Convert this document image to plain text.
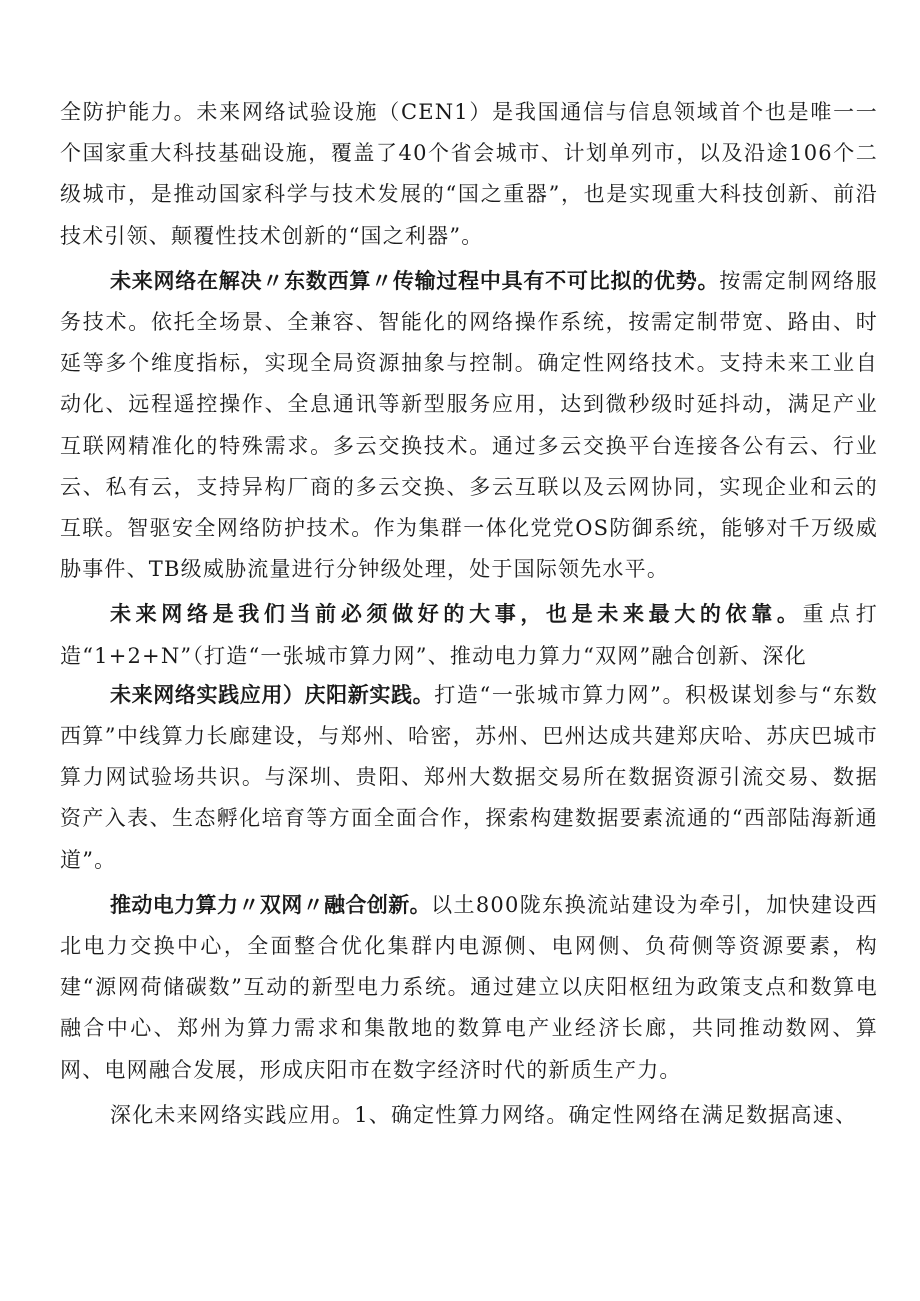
全防护能力。未来网络试验设施（CEN1）是我国通信与信息领域首个也是唯一一个国家重大科技基础设施，覆盖了40个省会城市、计划单列市，以及沿途106个二级城市，是推动国家科学与技术发展的“国之重器”，也是实现重大科技创新、前沿技术引领、颠覆性技术创新的“国之利器”。

未来网络在解决〃东数西算〃传输过程中具有不可比拟的优势。按需定制网络服务技术。依托全场景、全兼容、智能化的网络操作系统，按需定制带宽、路由、时延等多个维度指标，实现全局资源抽象与控制。确定性网络技术。支持未来工业自动化、远程遥控操作、全息通讯等新型服务应用，达到微秒级时延抖动，满足产业互联网精准化的特殊需求。多云交换技术。通过多云交换平台连接各公有云、行业云、私有云，支持异构厂商的多云交换、多云互联以及云网协同，实现企业和云的互联。智驱安全网络防护技术。作为集群一体化党党OS防御系统，能够对千万级威胁事件、TB级威胁流量进行分钟级处理，处于国际领先水平。

未来网络是我们当前必须做好的大事，也是未来最大的依靠。重点打造“1+2+N”（打造“一张城市算力网”、推动电力算力“双网”融合创新、深化

未来网络实践应用）庆阳新实践。打造“一张城市算力网”。积极谋划参与“东数西算”中线算力长廊建设，与郑州、哈密，苏州、巴州达成共建郑庆哈、苏庆巴城市算力网试验场共识。与深圳、贵阳、郑州大数据交易所在数据资源引流交易、数据资产入表、生态孵化培育等方面全面合作，探索构建数据要素流通的“西部陆海新通道”。

推动电力算力〃双网〃融合创新。以土800陇东换流站建设为牵引，加快建设西北电力交换中心，全面整合优化集群内电源侧、电网侧、负荷侧等资源要素，构建“源网荷储碳数”互动的新型电力系统。通过建立以庆阳枢纽为政策支点和数算电融合中心、郑州为算力需求和集散地的数算电产业经济长廊，共同推动数网、算网、电网融合发展，形成庆阳市在数字经济时代的新质生产力。

深化未来网络实践应用。1、确定性算力网络。确定性网络在满足数据高速、
